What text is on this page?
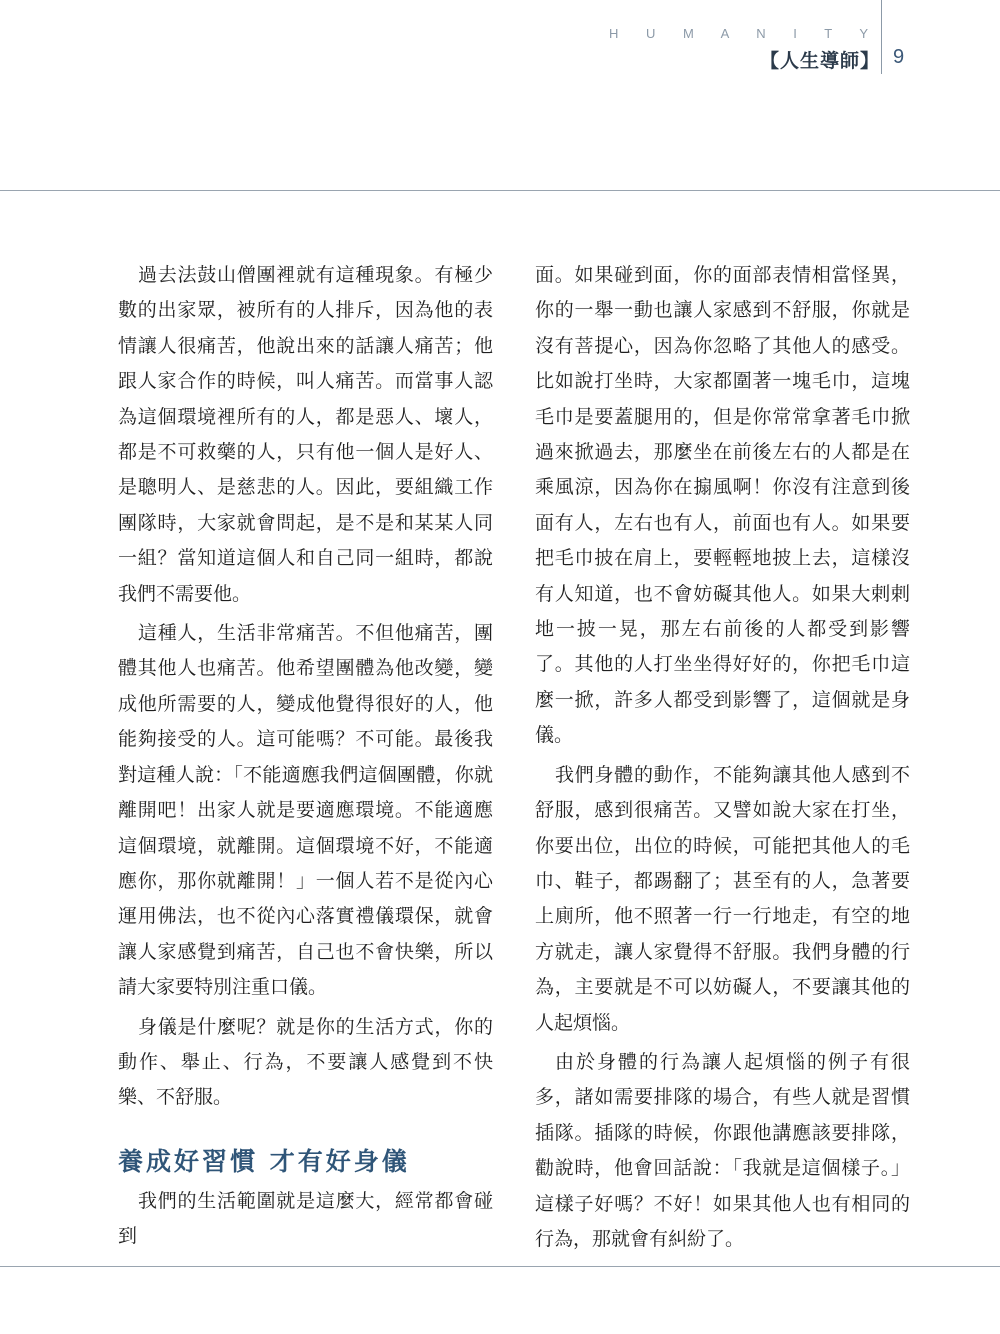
H U M A N I T Y
【人生導師】 9

過去法鼓山僧團裡就有這種現象。有極少數的出家眾，被所有的人排斥，因為他的表情讓人很痛苦，他說出來的話讓人痛苦；他跟人家合作的時候，叫人痛苦。而當事人認為這個環境裡所有的人，都是惡人、壞人，都是不可救藥的人，只有他一個人是好人、是聰明人、是慈悲的人。因此，要組織工作團隊時，大家就會問起，是不是和某某人同一組？當知道這個人和自己同一組時，都說我們不需要他。

這種人，生活非常痛苦。不但他痛苦，團體其他人也痛苦。他希望團體為他改變，變成他所需要的人，變成他覺得很好的人，他能夠接受的人。這可能嗎？不可能。最後我對這種人說：「不能適應我們這個團體，你就離開吧！出家人就是要適應環境。不能適應這個環境，就離開。這個環境不好，不能適應你，那你就離開！」一個人若不是從內心運用佛法，也不從內心落實禮儀環保，就會讓人家感覺到痛苦，自己也不會快樂，所以請大家要特別注重口儀。

身儀是什麼呢？就是你的生活方式，你的動作、舉止、行為，不要讓人感覺到不快樂、不舒服。

養成好習慣 才有好身儀

我們的生活範圍就是這麼大，經常都會碰到

面。如果碰到面，你的面部表情相當怪異，你的一舉一動也讓人家感到不舒服，你就是沒有菩提心，因為你忽略了其他人的感受。比如說打坐時，大家都圍著一塊毛巾，這塊毛巾是要蓋腿用的，但是你常常拿著毛巾掀過來掀過去，那麼坐在前後左右的人都是在乘風涼，因為你在搧風啊！你沒有注意到後面有人，左右也有人，前面也有人。如果要把毛巾披在肩上，要輕輕地披上去，這樣沒有人知道，也不會妨礙其他人。如果大剌剌地一披一晃，那左右前後的人都受到影響了。其他的人打坐坐得好好的，你把毛巾這麼一掀，許多人都受到影響了，這個就是身儀。

我們身體的動作，不能夠讓其他人感到不舒服，感到很痛苦。又譬如說大家在打坐，你要出位，出位的時候，可能把其他人的毛巾、鞋子，都踢翻了；甚至有的人，急著要上廁所，他不照著一行一行地走，有空的地方就走，讓人家覺得不舒服。我們身體的行為，主要就是不可以妨礙人，不要讓其他的人起煩惱。

由於身體的行為讓人起煩惱的例子有很多，諸如需要排隊的場合，有些人就是習慣插隊。插隊的時候，你跟他講應該要排隊，勸說時，他會回話說：「我就是這個樣子。」這樣子好嗎？不好！如果其他人也有相同的行為，那就會有糾紛了。
